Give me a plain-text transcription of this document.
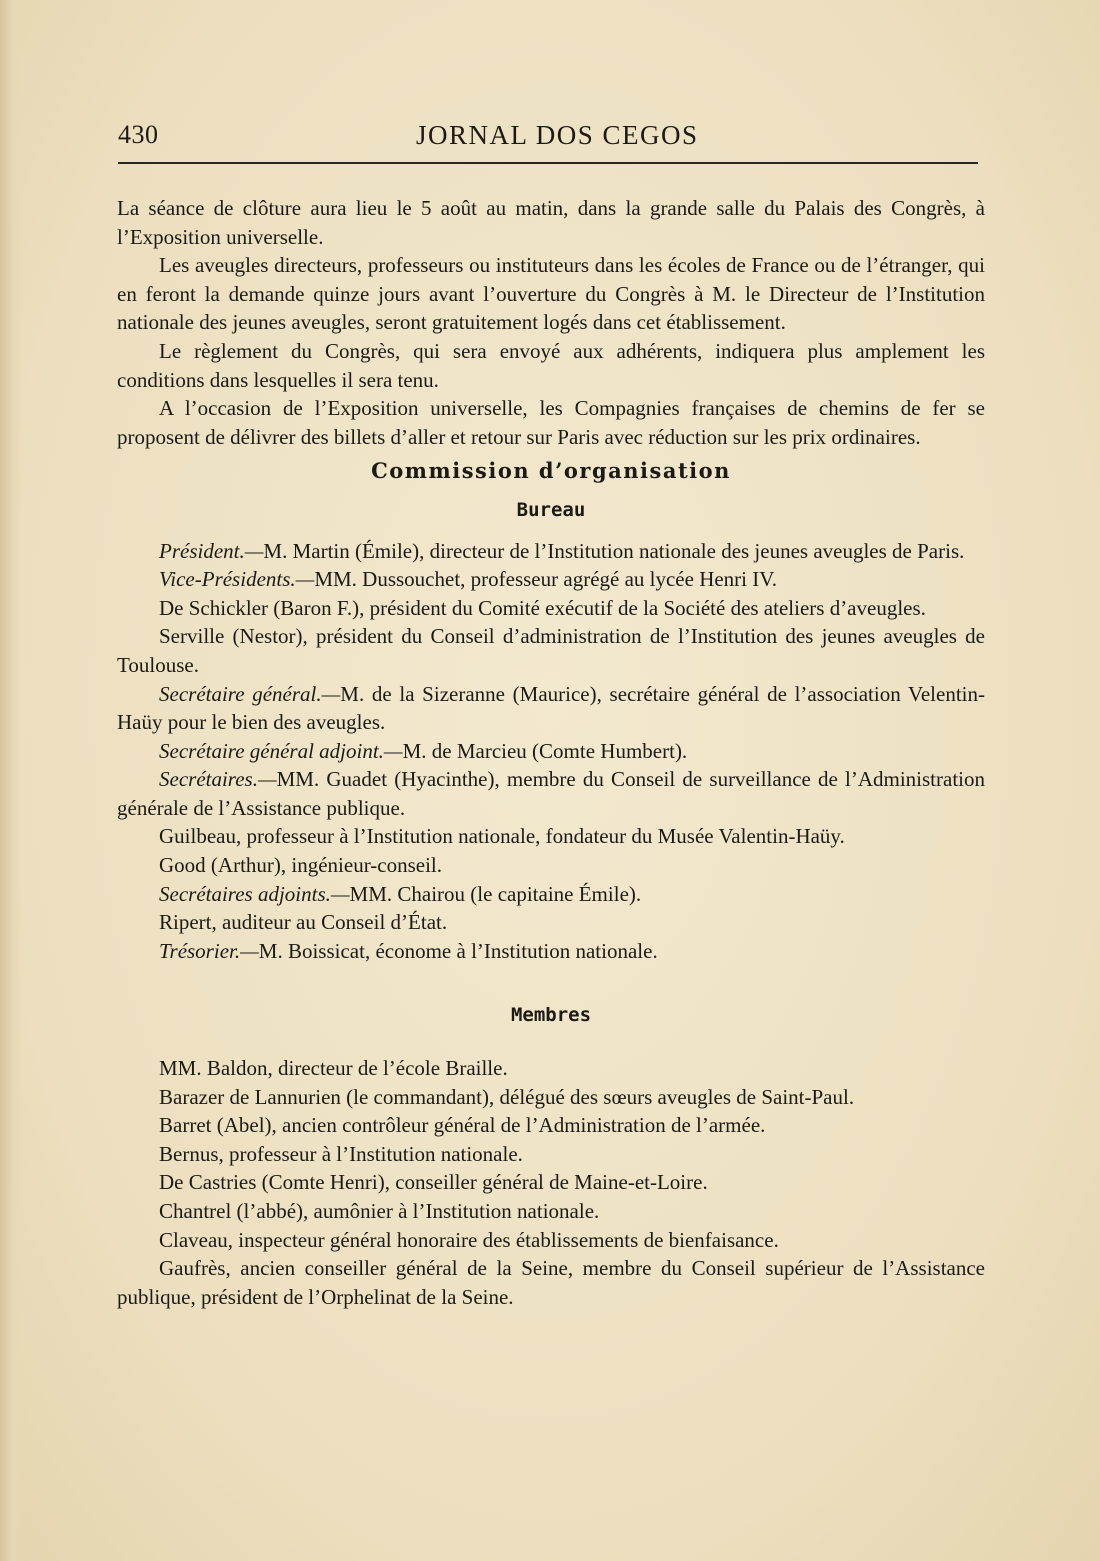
430	JORNAL DOS CEGOS

La séance de clôture aura lieu le 5 août au matin, dans la grande salle du Palais des Congrès, à l’Exposition universelle.

Les aveugles directeurs, professeurs ou instituteurs dans les écoles de France ou de l’étranger, qui en feront la demande quinze jours avant l’ouverture du Congrès à M. le Directeur de l’Institution nationale des jeunes aveugles, seront gratuitement logés dans cet établissement.

Le règlement du Congrès, qui sera envoyé aux adhérents, indiquera plus amplement les conditions dans lesquelles il sera tenu.

A l’occasion de l’Exposition universelle, les Compagnies françaises de chemins de fer se proposent de délivrer des billets d’aller et retour sur Paris avec réduction sur les prix ordinaires.

Commission d’organisation
Bureau

Président.—M. Martin (Émile), directeur de l’Institution nationale des jeunes aveugles de Paris.

Vice-Présidents.—MM. Dussouchet, professeur agrégé au lycée Henri IV.

De Schickler (Baron F.), président du Comité exécutif de la Société des ateliers d’aveugles.

Serville (Nestor), président du Conseil d’administration de l’Institution des jeunes aveugles de Toulouse.

Secrétaire général.—M. de la Sizeranne (Maurice), secrétaire général de l’association Velentin-Haüy pour le bien des aveugles.

Secrétaire général adjoint.—M. de Marcieu (Comte Humbert).

Secrétaires.—MM. Guadet (Hyacinthe), membre du Conseil de surveillance de l’Administration générale de l’Assistance publique.

Guilbeau, professeur à l’Institution nationale, fondateur du Musée Valentin-Haüy.

Good (Arthur), ingénieur-conseil.

Secrétaires adjoints.—MM. Chairou (le capitaine Émile).

Ripert, auditeur au Conseil d’État.

Trésorier.—M. Boissicat, économe à l’Institution nationale.

Membres

MM. Baldon, directeur de l’école Braille.

Barazer de Lannurien (le commandant), délégué des sœurs aveugles de Saint-Paul.

Barret (Abel), ancien contrôleur général de l’Administration de l’armée.

Bernus, professeur à l’Institution nationale.

De Castries (Comte Henri), conseiller général de Maine-et-Loire.

Chantrel (l’abbé), aumônier à l’Institution nationale.

Claveau, inspecteur général honoraire des établissements de bienfaisance.

Gaufrès, ancien conseiller général de la Seine, membre du Conseil supérieur de l’Assistance publique, président de l’Orphelinat de la Seine.
